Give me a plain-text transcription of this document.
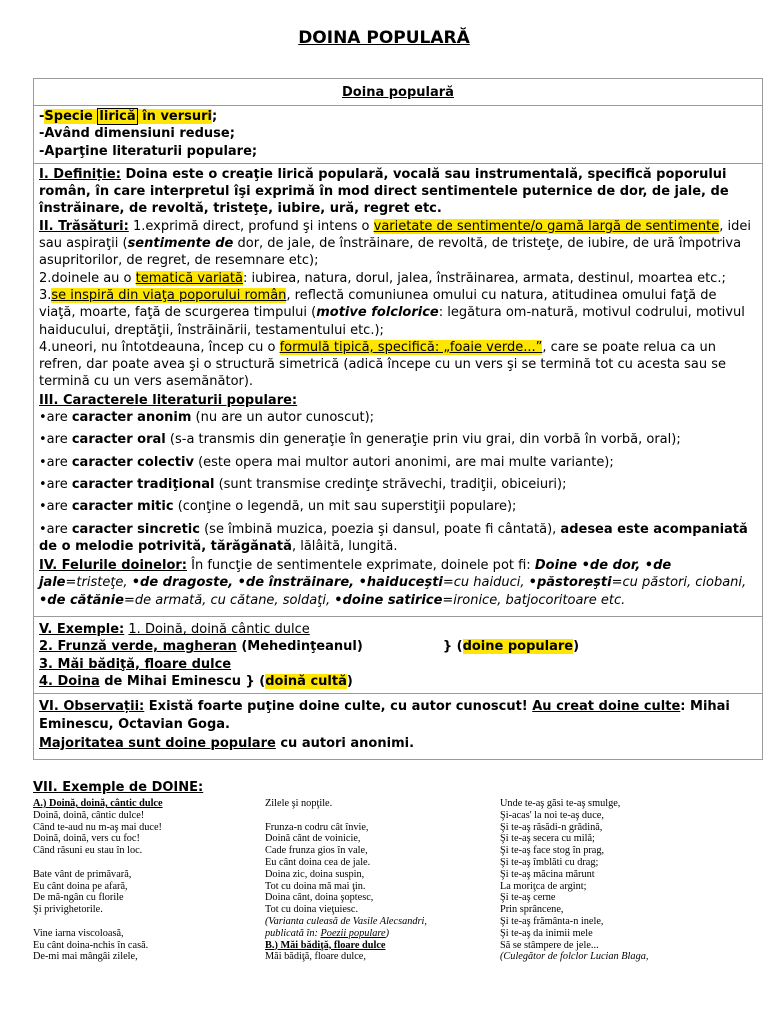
DOINA POPULARĂ
Doina populară

-Specie lirică în versuri;

-Având dimensiuni reduse;

-Aparţine literaturii populare;

I. Definiție: Doina este o creaţie lirică populară, vocală sau instrumentală, specifică poporului român, în care interpretul îşi exprimă în mod direct sentimentele puternice de dor, de jale, de înstrăinare, de revoltă, tristeţe, iubire, ură, regret etc.

II. Trăsături: 1.exprimă direct, profund şi intens o varietate de sentimente/o gamă largă de sentimente, idei sau aspiraţii (sentimente de dor, de jale, de înstrăinare, de revoltă, de tristeţe, de iubire, de ură împotriva asupritorilor, de regret, de resemnare etc);

2.doinele au o tematică variată: iubirea, natura, dorul, jalea, înstrăinarea, armata, destinul, moartea etc.;

3.se inspiră din viaţa poporului român, reflectă comuniunea omului cu natura, atitudinea omului faţă de viaţă, moarte, faţă de scurgerea timpului (motive folclorice: legătura om-natură, motivul codrului, motivul haiducului, dreptăţii, înstrăinării, testamentului etc.);

4.uneori, nu întotdeauna, încep cu o formulă tipică, specifică: „foaie verde...”, care se poate relua ca un refren, dar poate avea şi o structură simetrică (adică începe cu un vers şi se termină tot cu acesta sau se termină cu un vers asemănător).

III. Caracterele literaturii populare:

•are caracter anonim (nu are un autor cunoscut);

•are caracter oral (s-a transmis din generaţie în generaţie prin viu grai, din vorbă în vorbă, oral);

•are caracter colectiv (este opera mai multor autori anonimi, are mai multe variante);

•are caracter tradiţional (sunt transmise credinţe străvechi, tradiţii, obiceiuri);

•are caracter mitic (conţine o legendă, un mit sau superstiţii populare);

•are caracter sincretic (se îmbină muzica, poezia şi dansul, poate fi cântată), adesea este acompaniată de o melodie potrivită, tărăgănată, lălâită, lungită.

IV. Felurile doinelor: În funcţie de sentimentele exprimate, doinele pot fi: Doine •de dor, •de jale=tristeţe, •de dragoste, •de înstrăinare, •haiduceşti=cu haiduci, •păstoreşti=cu păstori, ciobani, •de cătănie=de armată, cu cătane, soldaţi, •doine satirice=ironice, batjocoritoare etc.

V. Exemple: 1. Doină, doină cântic dulce

2. Frunză verde, magheran (Mehedinţeanul)	} (doine populare)

3. Măi bădiţă, floare dulce

4. Doina de Mihai Eminescu } (doină cultă)

VI. Observații: Există foarte puţine doine culte, cu autor cunoscut! Au creat doine culte: Mihai Eminescu, Octavian Goga.

Majoritatea sunt doine populare cu autori anonimi.

VII. Exemple de DOINE:

A.) Doină, doină, cântic dulce

Doină, doină, cântic dulce!

Când te-aud nu m-aş mai duce!

Doină, doină, vers cu foc!

Când răsuni eu stau în loc.

Bate vânt de primăvară,

Eu cânt doina pe afară,

De mă-ngân cu florile

Şi privighetorile.

Vine iarna viscoloasă,

Eu cânt doina-nchis în casă.

De-mi mai mângâi zilele,

Zilele şi nopţile.

Frunza-n codru cât învie,

Doină cânt de voinicie,

Cade frunza gios în vale,

Eu cânt doina cea de jale.

Doina zic, doina suspin,

Tot cu doina mă mai ţin.

Doina cânt, doina şoptesc,

Tot cu doina vieţuiesc.

(Varianta culeasă de Vasile Alecsandri,

publicată în: Poezii populare)

B.) Măi bădiţă, floare dulce

Măi bădiţă, floare dulce,

Unde te-aş găsi te-aş smulge,

Şi-acas' la noi te-aş duce,

Şi te-aş răsădi-n grădină,

Şi te-aş secera cu milă;

Şi te-aş face stog în prag,

Şi te-aş îmblăti cu drag;

Şi te-aş măcina mărunt

La moriţca de argint;

Şi te-aş cerne

Prin sprâncene,

Şi te-aş frământa-n inele,

Şi te-aş da inimii mele

Să se stâmpere de jele...

(Culegător de folclor Lucian Blaga,
